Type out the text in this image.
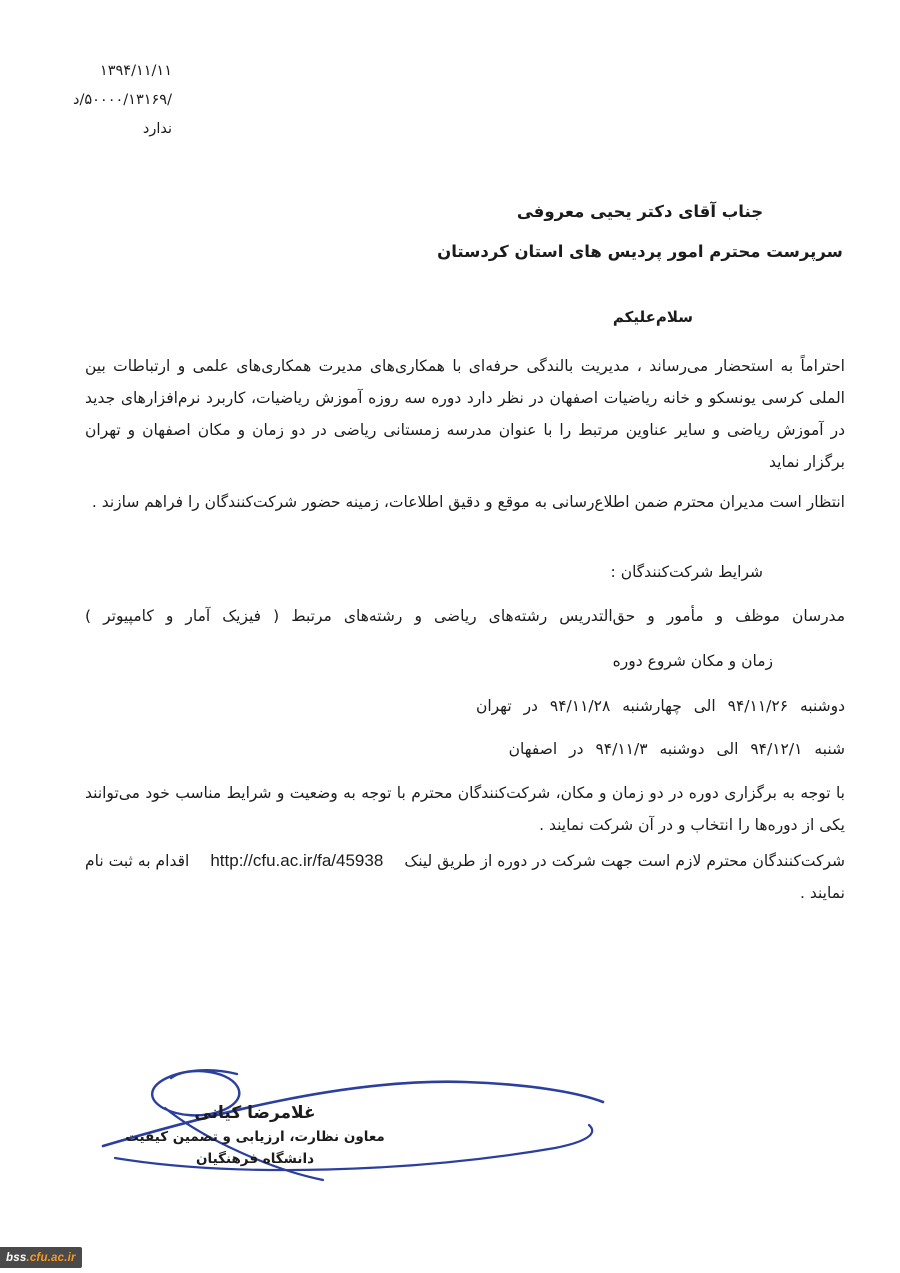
۱۳۹۴/۱۱/۱۱
/۵۰۰۰۰/۱۳۱۶۹/د
ندارد
جناب آقای دکتر یحیی معروفی
سرپرست محترم امور پردیس های استان کردستان
سلام‌علیکم

احتراماً به استحضار می‌رساند ، مدیریت بالندگی حرفه‌ای با همکاری‌های مدیرت همکاری‌های علمی و ارتباطات بین الملی کرسی یونسکو و خانه ریاضیات اصفهان در نظر دارد دوره سه روزه آموزش ریاضیات، کاربرد نرم‌افزارهای جدید در آموزش ریاضی و سایر عناوین مرتبط را با عنوان مدرسه زمستانی ریاضی در دو زمان و مکان اصفهان و تهران برگزار نماید

انتظار است مدیران محترم ضمن اطلاع‌رسانی به موقع و دقیق اطلاعات، زمینه حضور شرکت‌کنندگان را فراهم سازند .

شرایط شرکت‌کنندگان :
مدرسان موظف و مأمور و حق‌التدریس رشته‌های ریاضی و رشته‌های مرتبط ( فیزیک آمار و کامپیوتر )
زمان و مکان شروع دوره
دوشنبه ۹۴/۱۱/۲۶ الی چهارشنبه ۹۴/۱۱/۲۸ در تهران
شنبه ۹۴/۱۲/۱ الی دوشنبه ۹۴/۱۱/۳ در اصفهان

با توجه به برگزاری دوره در دو زمان و مکان، شرکت‌کنندگان محترم با توجه به وضعیت و شرایط مناسب خود می‌توانند یکی از دوره‌ها را انتخاب و در آن شرکت نمایند .

شرکت‌کنندگان محترم لازم است جهت شرکت در دوره از طریق لینک http://cfu.ac.ir/fa/45938 اقدام به ثبت نام نمایند .

غلامرضا کیانی
معاون نظارت، ارزیابی و تضمین کیفیت
دانشگاه فرهنگیان
bss .cfu.ac.ir
